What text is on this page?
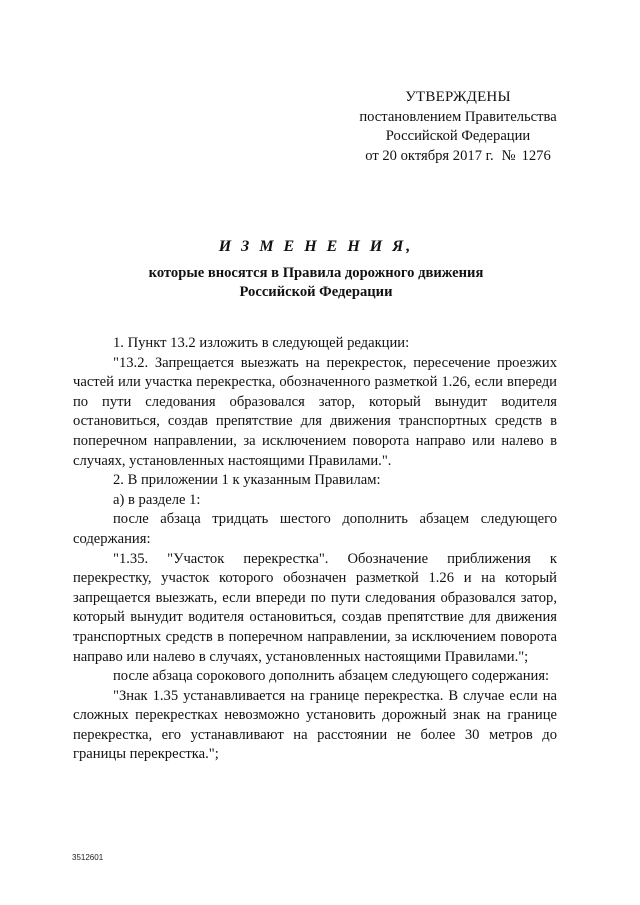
УТВЕРЖДЕНЫ
постановлением Правительства
Российской Федерации
от 20 октября 2017 г. № 1276
И З М Е Н Е Н И Я,
которые вносятся в Правила дорожного движения
Российской Федерации

1. Пункт 13.2 изложить в следующей редакции:

"13.2. Запрещается выезжать на перекресток, пересечение проезжих частей или участка перекрестка, обозначенного разметкой 1.26, если впереди по пути следования образовался затор, который вынудит водителя остановиться, создав препятствие для движения транспортных средств в поперечном направлении, за исключением поворота направо или налево в случаях, установленных настоящими Правилами.".

2. В приложении 1 к указанным Правилам:

а) в разделе 1:

после абзаца тридцать шестого дополнить абзацем следующего содержания:

"1.35. "Участок перекрестка". Обозначение приближения к перекрестку, участок которого обозначен разметкой 1.26 и на который запрещается выезжать, если впереди по пути следования образовался затор, который вынудит водителя остановиться, создав препятствие для движения транспортных средств в поперечном направлении, за исключением поворота направо или налево в случаях, установленных настоящими Правилами.";

после абзаца сорокового дополнить абзацем следующего содержания:

"Знак 1.35 устанавливается на границе перекрестка. В случае если на сложных перекрестках невозможно установить дорожный знак на границе перекрестка, его устанавливают на расстоянии не более 30 метров до границы перекрестка.";

3512601
